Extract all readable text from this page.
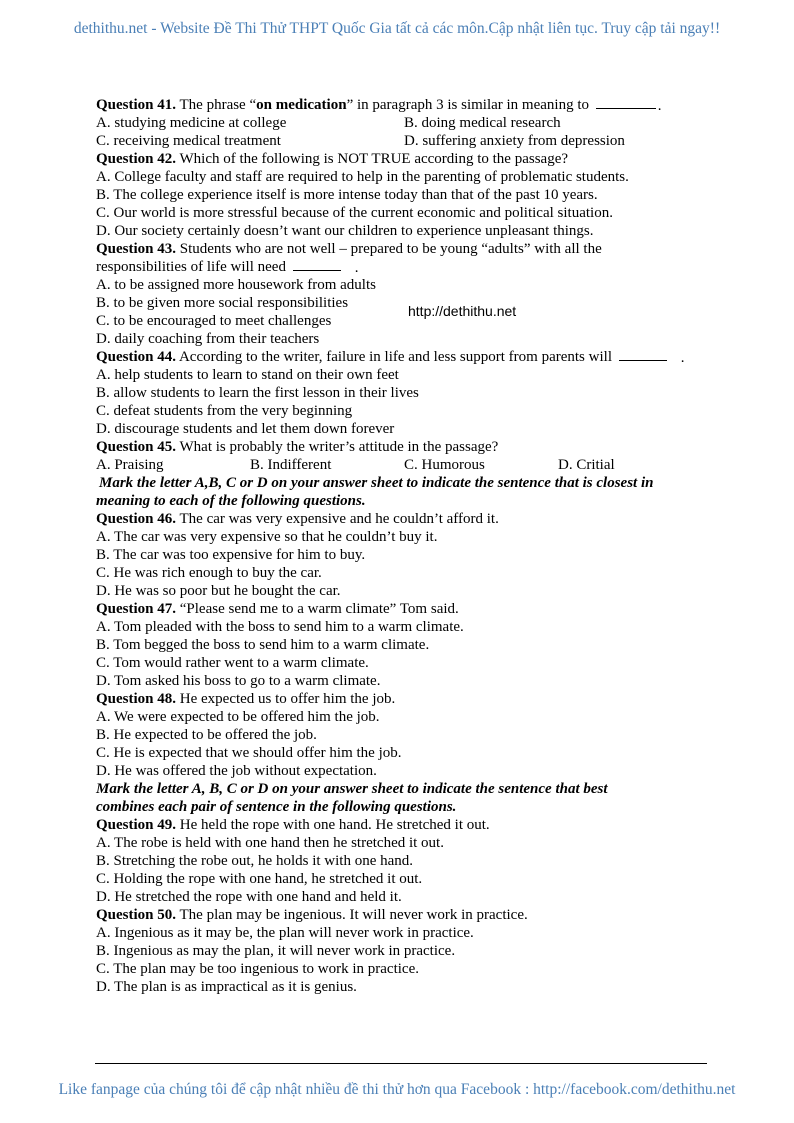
dethithu.net - Website Đề Thi Thử THPT Quốc Gia tất cả các môn.Cập nhật liên tục. Truy cập tải ngay!!
Question 41. The phrase “on medication” in paragraph 3 is similar in meaning to .
A. studying medicine at college	B. doing medical research
C. receiving medical treatment	D. suffering anxiety from depression
Question 42. Which of the following is NOT TRUE according to the passage?
A. College faculty and staff are required to help in the parenting of problematic students.
B. The college experience itself is more intense today than that of the past 10 years.
C. Our world is more stressful because of the current economic and political situation.
D. Our society certainly doesn’t want our children to experience unpleasant things.
Question 43. Students who are not well – prepared to be young “adults” with all the
responsibilities of life will need .
A. to be assigned more housework from adults
B. to be given more social responsibilities
C. to be encouraged to meet challenges
D. daily coaching from their teachers
Question 44. According to the writer, failure in life and less support from parents will .
A. help students to learn to stand on their own feet
B. allow students to learn the first lesson in their lives
C. defeat students from the very beginning
D. discourage students and let them down forever
Question 45. What is probably the writer’s attitude in the passage?
A. Praising	B. Indifferent	C. Humorous	D. Critial
Mark the letter A,B, C or D on your answer sheet to indicate the sentence that is closest in
meaning to each of the following questions.
Question 46. The car was very expensive and he couldn’t afford it.
A. The car was very expensive so that he couldn’t buy it.
B. The car was too expensive for him to buy.
C. He was rich enough to buy the car.
D. He was so poor but he bought the car.
Question 47. “Please send me to a warm climate” Tom said.
A. Tom pleaded with the boss to send him to a warm climate.
B. Tom begged the boss to send him to a warm climate.
C. Tom would rather went to a warm climate.
D. Tom asked his boss to go to a warm climate.
Question 48. He expected us to offer him the job.
A. We were expected to be offered him the job.
B. He expected to be offered the job.
C. He is expected that we should offer him the job.
D. He was offered the job without expectation.
Mark the letter A, B, C or D on your answer sheet to indicate the sentence that best
combines each pair of sentence in the following questions.
Question 49. He held the rope with one hand. He stretched it out.
A. The robe is held with one hand then he stretched it out.
B. Stretching the robe out, he holds it with one hand.
C. Holding the rope with one hand, he stretched it out.
D. He stretched the rope with one hand and held it.
Question 50. The plan may be ingenious. It will never work in practice.
A. Ingenious as it may be, the plan will never work in practice.
B. Ingenious as may the plan, it will never work in practice.
C. The plan may be too ingenious to work in practice.
D. The plan is as impractical as it is genius.
http://dethithu.net
Like fanpage của chúng tôi để cập nhật nhiều đề thi thử hơn qua Facebook : http://facebook.com/dethithu.net
